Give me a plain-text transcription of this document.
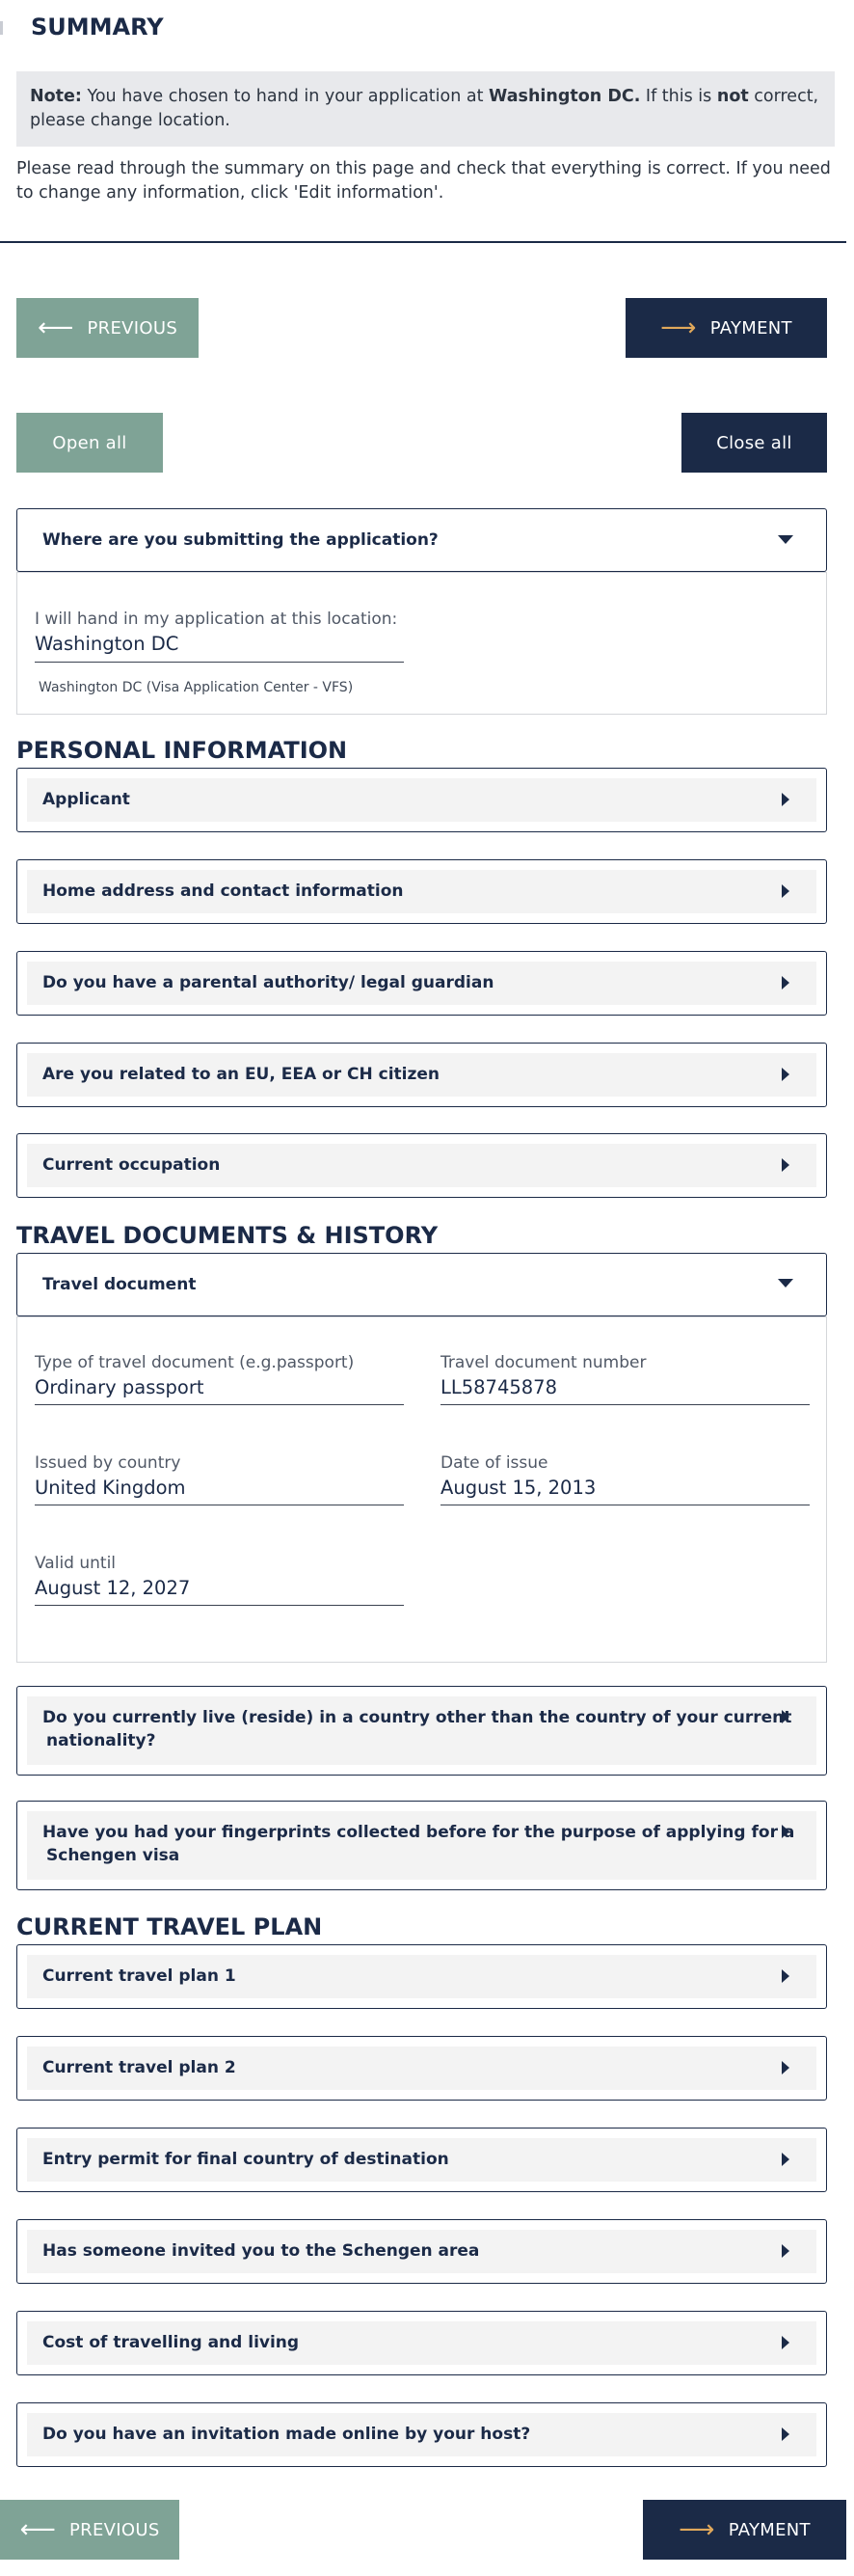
SUMMARY
Note: You have chosen to hand in your application at Washington DC. If this is not correct, please change location.
Please read through the summary on this page and check that everything is correct. If you need to change any information, click 'Edit information'.
⟵ PREVIOUS	⟶ PAYMENT
Open all	Close all
Where are you submitting the application?
I will hand in my application at this location:
Washington DC
Washington DC (Visa Application Center - VFS)
PERSONAL INFORMATION
Applicant
Home address and contact information
Do you have a parental authority/ legal guardian
Are you related to an EU, EEA or CH citizen
Current occupation
TRAVEL DOCUMENTS & HISTORY
Travel document
Type of travel document (e.g.passport)
Ordinary passport
Travel document number
LL58745878
Issued by country
United Kingdom
Date of issue
August 15, 2013
Valid until
August 12, 2027
Do you currently live (reside) in a country other than the country of your current
nationality?
Have you had your fingerprints collected before for the purpose of applying for a
Schengen visa
CURRENT TRAVEL PLAN
Current travel plan 1
Current travel plan 2
Entry permit for final country of destination
Has someone invited you to the Schengen area
Cost of travelling and living
Do you have an invitation made online by your host?
⟵ PREVIOUS	⟶ PAYMENT
